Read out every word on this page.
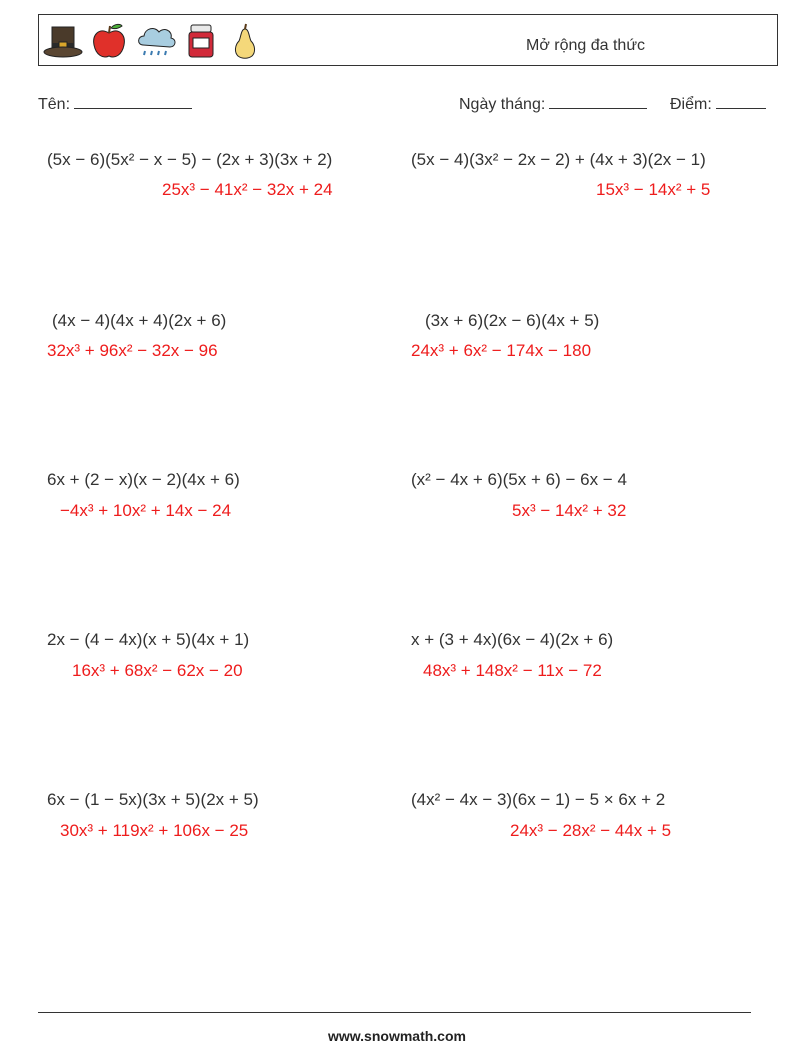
Mở rộng đa thức
Tên:	Ngày tháng:	Điểm:
(5x − 6)(5x² − x − 5) − (2x + 3)(3x + 2)
25x³ − 41x² − 32x + 24
(5x − 4)(3x² − 2x − 2) + (4x + 3)(2x − 1)
15x³ − 14x² + 5
(4x − 4)(4x + 4)(2x + 6)
32x³ + 96x² − 32x − 96
(3x + 6)(2x − 6)(4x + 5)
24x³ + 6x² − 174x − 180
6x + (2 − x)(x − 2)(4x + 6)
−4x³ + 10x² + 14x − 24
(x² − 4x + 6)(5x + 6) − 6x − 4
5x³ − 14x² + 32
2x − (4 − 4x)(x + 5)(4x + 1)
16x³ + 68x² − 62x − 20
x + (3 + 4x)(6x − 4)(2x + 6)
48x³ + 148x² − 11x − 72
6x − (1 − 5x)(3x + 5)(2x + 5)
30x³ + 119x² + 106x − 25
(4x² − 4x − 3)(6x − 1) − 5 × 6x + 2
24x³ − 28x² − 44x + 5
www.snowmath.com
